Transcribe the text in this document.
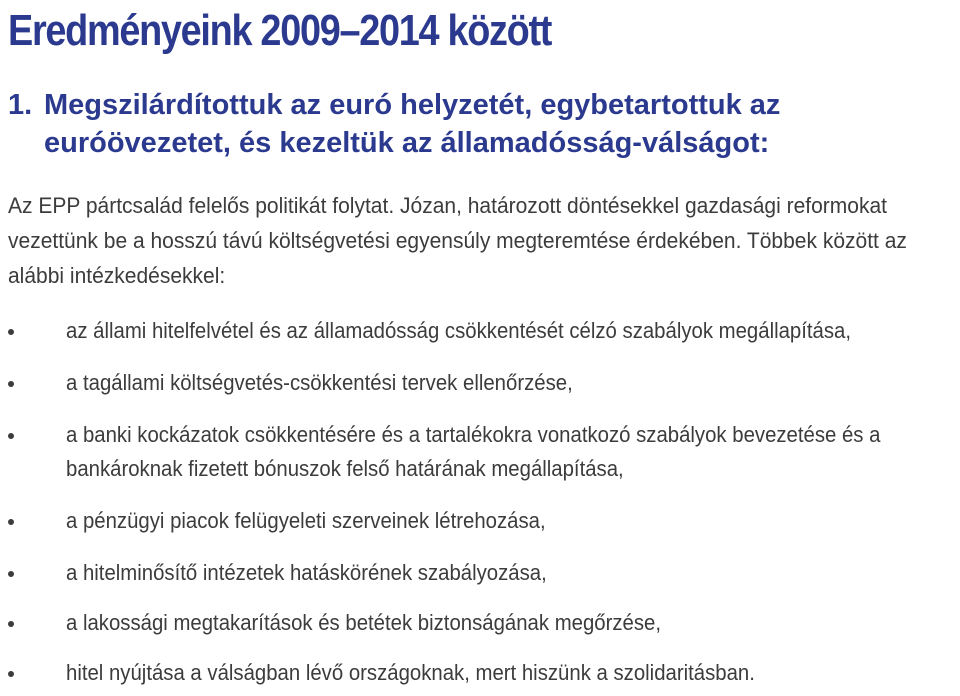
Eredményeink 2009–2014 között
1. Megszilárdítottuk az euró helyzetét, egybetartottuk az
euróövezetet, és kezeltük az államadósság-válságot:

Az EPP pártcsalád felelős politikát folytat. Józan, határozott döntésekkel gazdasági reformokat
vezettünk be a hosszú távú költségvetési egyensúly megteremtése érdekében. Többek között az
alábbi intézkedésekkel:

az állami hitelfelvétel és az államadósság csökkentését célzó szabályok megállapítása,
a tagállami költségvetés-csökkentési tervek ellenőrzése,
a banki kockázatok csökkentésére és a tartalékokra vonatkozó szabályok bevezetése és a
bankároknak fizetett bónuszok felső határának megállapítása,
a pénzügyi piacok felügyeleti szerveinek létrehozása,
a hitelminősítő intézetek hatáskörének szabályozása,
a lakossági megtakarítások és betétek biztonságának megőrzése,
hitel nyújtása a válságban lévő országoknak, mert hiszünk a szolidaritásban.
